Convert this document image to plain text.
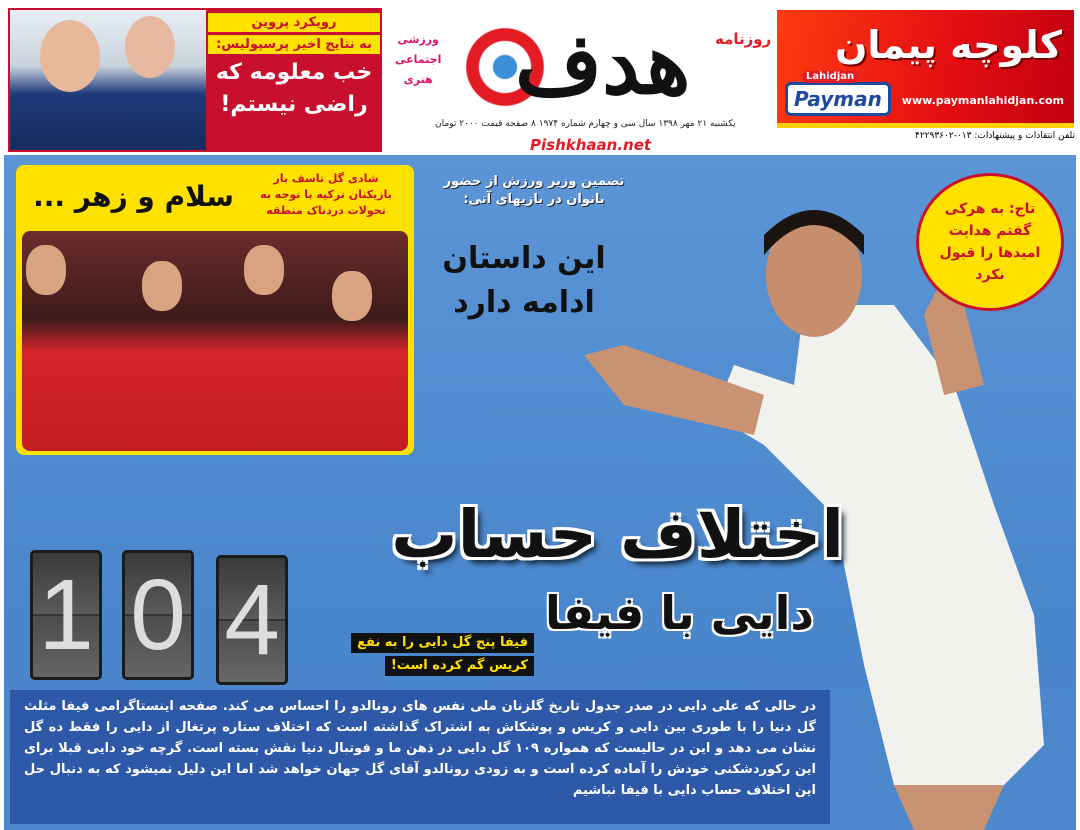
رویکرد پروین
به نتایج اخیر پرسپولیس:
خب معلومه که
راضی نیستم!
ورزشی
اجتماعی
هنری هدف روزنامه
یکشنبه ۲۱ مهر ۱۳۹۸ سال سی و چهارم شماره ۱۹۷۴ ۸ صفحه قیمت ۲۰۰۰ تومان
کلوچه پیمان
Lahidjan
Payman	www.paymanlahidjan.com
تلفن انتقادات و پیشنهادات: ۰۱۳-۴۲۲۹۳۶۰۲
شادی گل تاسف بار
بازیکنان ترکیه با توجه به
تحولات دردناک منطقه
سلام و زهر ...	تضمین وزیر ورزش از حضور بانوان در بازیهای آتی:
این داستان ادامه دارد
تاج: به هرکی گفتم هدایت امیدها را قبول نکرد
1 0 4
اختلاف حساب
دایی با فیفا
فیفا پنج گل دایی را به نفع
کریس گم کرده است!
در حالی که علی دایی در صدر جدول تاریخ گلزنان ملی نفس های رونالدو را احساس می کند. صفحه اینستاگرامی فیفا مثلث گل دنیا را با طوری بین دایی و کریس و پوشکاش به اشتراک گذاشته است که اختلاف ستاره پرتغال از دایی را فقط ده گل نشان می دهد و این در حالیست که همواره ۱۰۹ گل دایی در ذهن ما و فوتبال دنیا نقش بسته است. گرچه خود دایی قبلا برای این رکوردشکنی خودش را آماده کرده است و به زودی رونالدو آقای گل جهان خواهد شد اما این دلیل نمیشود که به دنبال حل این اختلاف حساب دایی با فیفا نباشیم
Pishkhaan.net
